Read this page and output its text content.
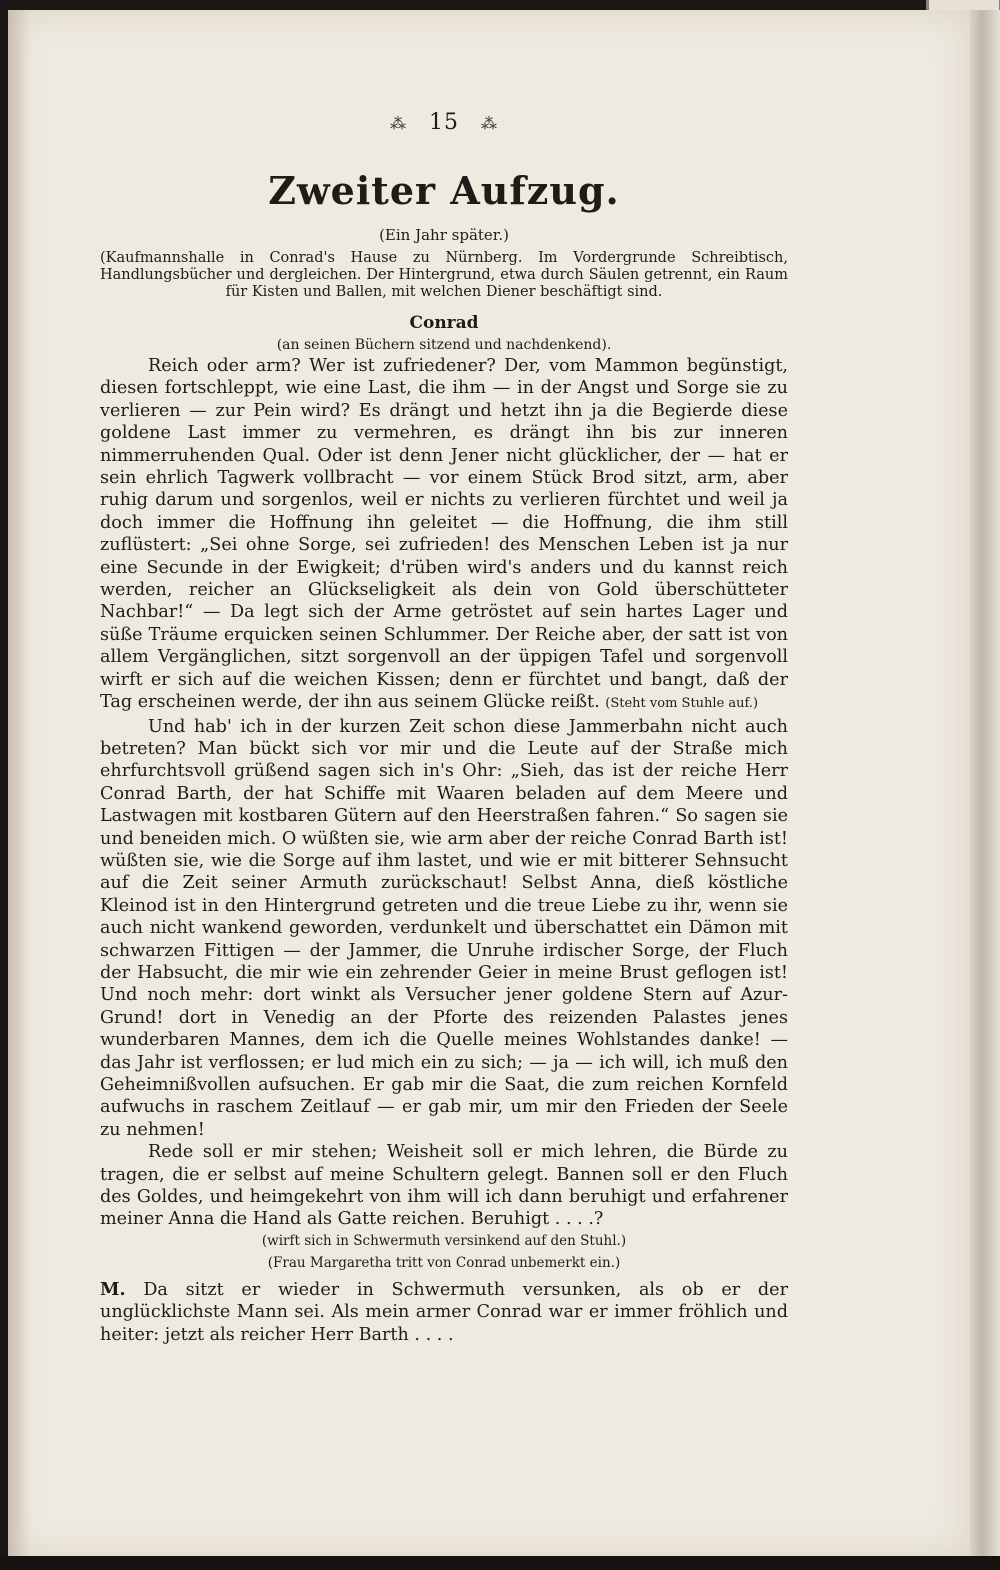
⁂ 15 ⁂
Zweiter Aufzug.
(Ein Jahr später.)
(Kaufmannshalle in Conrad's Hause zu Nürnberg. Im Vordergrunde Schreibtisch, Handlungsbücher und dergleichen. Der Hintergrund, etwa durch Säulen getrennt, ein Raum für Kisten und Ballen, mit welchen Diener beschäftigt sind.
Conrad
(an seinen Büchern sitzend und nachdenkend).

Reich oder arm? Wer ist zufriedener? Der, vom Mammon begünstigt, diesen fortschleppt, wie eine Last, die ihm — in der Angst und Sorge sie zu verlieren — zur Pein wird? Es drängt und hetzt ihn ja die Begierde diese goldene Last immer zu vermehren, es drängt ihn bis zur inneren nimmerruhenden Qual. Oder ist denn Jener nicht glücklicher, der — hat er sein ehrlich Tagwerk vollbracht — vor einem Stück Brod sitzt, arm, aber ruhig darum und sorgenlos, weil er nichts zu verlieren fürchtet und weil ja doch immer die Hoffnung ihn geleitet — die Hoffnung, die ihm still zuflüstert: „Sei ohne Sorge, sei zufrieden! des Menschen Leben ist ja nur eine Secunde in der Ewigkeit; d'rüben wird's anders und du kannst reich werden, reicher an Glückseligkeit als dein von Gold überschütteter Nachbar!“ — Da legt sich der Arme getröstet auf sein hartes Lager und süße Träume erquicken seinen Schlummer. Der Reiche aber, der satt ist von allem Vergänglichen, sitzt sorgenvoll an der üppigen Tafel und sorgenvoll wirft er sich auf die weichen Kissen; denn er fürchtet und bangt, daß der Tag erscheinen werde, der ihn aus seinem Glücke reißt. (Steht vom Stuhle auf.)

Und hab' ich in der kurzen Zeit schon diese Jammerbahn nicht auch betreten? Man bückt sich vor mir und die Leute auf der Straße mich ehrfurchtsvoll grüßend sagen sich in's Ohr: „Sieh, das ist der reiche Herr Conrad Barth, der hat Schiffe mit Waaren beladen auf dem Meere und Lastwagen mit kostbaren Gütern auf den Heerstraßen fahren.“ So sagen sie und beneiden mich. O wüßten sie, wie arm aber der reiche Conrad Barth ist! wüßten sie, wie die Sorge auf ihm lastet, und wie er mit bitterer Sehnsucht auf die Zeit seiner Armuth zurückschaut! Selbst Anna, dieß köstliche Kleinod ist in den Hintergrund getreten und die treue Liebe zu ihr, wenn sie auch nicht wankend geworden, verdunkelt und überschattet ein Dämon mit schwarzen Fittigen — der Jammer, die Unruhe irdischer Sorge, der Fluch der Habsucht, die mir wie ein zehrender Geier in meine Brust geflogen ist! Und noch mehr: dort winkt als Versucher jener goldene Stern auf Azur-Grund! dort in Venedig an der Pforte des reizenden Palastes jenes wunderbaren Mannes, dem ich die Quelle meines Wohlstandes danke! — das Jahr ist verflossen; er lud mich ein zu sich; — ja — ich will, ich muß den Geheimnißvollen aufsuchen. Er gab mir die Saat, die zum reichen Kornfeld aufwuchs in raschem Zeitlauf — er gab mir, um mir den Frieden der Seele zu nehmen!

Rede soll er mir stehen; Weisheit soll er mich lehren, die Bürde zu tragen, die er selbst auf meine Schultern gelegt. Bannen soll er den Fluch des Goldes, und heimgekehrt von ihm will ich dann beruhigt und erfahrener meiner Anna die Hand als Gatte reichen. Beruhigt . . . .?

(wirft sich in Schwermuth versinkend auf den Stuhl.)
(Frau Margaretha tritt von Conrad unbemerkt ein.)
M. Da sitzt er wieder in Schwermuth versunken, als ob er der unglücklichste Mann sei. Als mein armer Conrad war er immer fröhlich und heiter: jetzt als reicher Herr Barth . . . .
